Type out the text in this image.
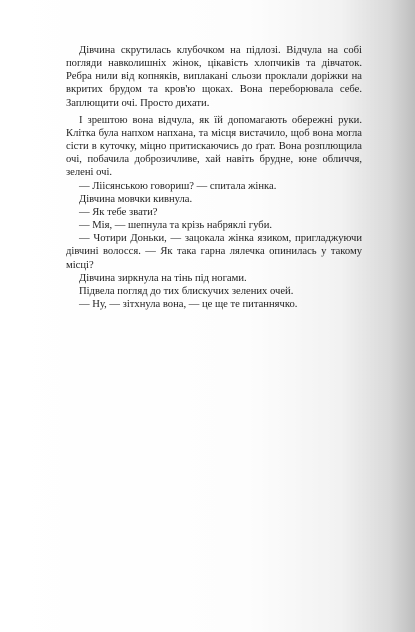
Дівчина скрутилась клубочком на підлозі. Відчула на собі погляди навколишніх жінок, цікавість хлопчиків та дівчаток. Ребра нили від копняків, виплакані сльози проклали доріжки на вкритих брудом та кров'ю щоках. Вона переборювала себе. Заплющити очі. Просто дихати.

І зрештою вона відчула, як їй допомагають обережні руки. Клітка була напхом напхана, та місця вистачило, щоб вона могла сісти в куточку, міцно притискаючись до ґрат. Вона розплющила очі, побачила доброзичливе, хай навіть брудне, юне обличчя, зелені очі.

— Ліісянською говориш? — спитала жінка.

Дівчина мовчки кивнула.

— Як тебе звати?

— Мія, — шепнула та крізь набряклі губи.

— Чотири Доньки, — зацокала жінка язиком, пригладжуючи дівчині волосся. — Як така гарна лялечка опинилась у такому місці?

Дівчина зиркнула на тінь під ногами.

Підвела погляд до тих блискучих зелених очей.

— Ну, — зітхнула вона, — це ще те питаннячко.
